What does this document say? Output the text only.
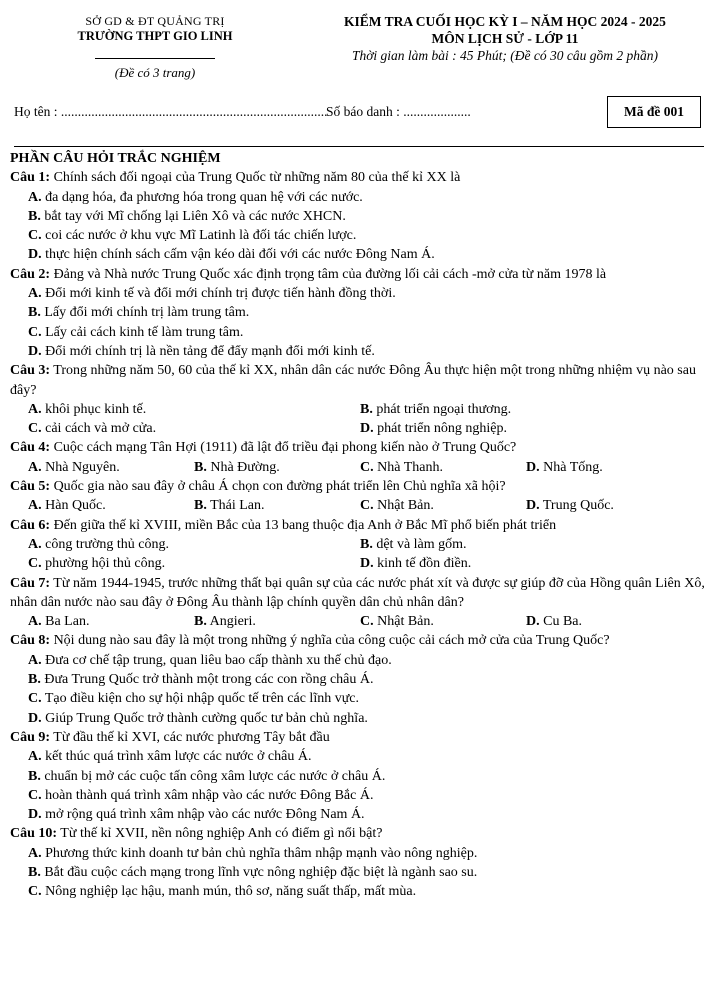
SỞ GD & ĐT QUẢNG TRỊ
TRƯỜNG THPT GIO LINH
(Đề có 3 trang)
KIỂM TRA CUỐI HỌC KỲ I – NĂM HỌC 2024 - 2025
MÔN LỊCH SỬ - LỚP 11
Thời gian làm bài : 45 Phút; (Đề có 30 câu gồm 2 phần)
Họ tên : ...............................................................................
Số báo danh : ....................	Mã đề 001
PHẦN CÂU HỎI TRẮC NGHIỆM
Câu 1: Chính sách đối ngoại của Trung Quốc từ những năm 80 của thế kỉ XX là
A. đa dạng hóa, đa phương hóa trong quan hệ với các nước.
B. bắt tay với Mĩ chống lại Liên Xô và các nước XHCN.
C. coi các nước ở khu vực Mĩ Latinh là đối tác chiến lược.
D. thực hiện chính sách cấm vận kéo dài đối với các nước Đông Nam Á.
Câu 2: Đảng và Nhà nước Trung Quốc xác định trọng tâm của đường lối cải cách -mở cửa từ năm 1978 là
A. Đổi mới kinh tế và đổi mới chính trị được tiến hành đồng thời.
B. Lấy đổi mới chính trị làm trung tâm.
C. Lấy cải cách kinh tế làm trung tâm.
D. Đổi mới chính trị là nền tảng để đẩy mạnh đổi mới kinh tế.
Câu 3: Trong những năm 50, 60 của thế kỉ XX, nhân dân các nước Đông Âu thực hiện một trong những nhiệm vụ nào sau đây?
A. khôi phục kinh tế.	B. phát triển ngoại thương.
C. cải cách và mở cửa.	D. phát triển nông nghiệp.
Câu 4: Cuộc cách mạng Tân Hợi (1911) đã lật đổ triều đại phong kiến nào ở Trung Quốc?
A. Nhà Nguyên.	B. Nhà Đường.	C. Nhà Thanh.	D. Nhà Tống.
Câu 5: Quốc gia nào sau đây ở châu Á chọn con đường phát triển lên Chủ nghĩa xã hội?
A. Hàn Quốc.	B. Thái Lan.	C. Nhật Bản.	D. Trung Quốc.
Câu 6: Đến giữa thế kỉ XVIII, miền Bắc của 13 bang thuộc địa Anh ở Bắc Mĩ phổ biến phát triển
A. công trường thủ công.	B. dệt và làm gốm.
C. phường hội thủ công.	D. kinh tế đồn điền.
Câu 7: Từ năm 1944-1945, trước những thất bại quân sự của các nước phát xít và được sự giúp đỡ của Hồng quân Liên Xô, nhân dân nước nào sau đây ở Đông Âu thành lập chính quyền dân chủ nhân dân?
A. Ba Lan.	B. Angieri.	C. Nhật Bản.	D. Cu Ba.
Câu 8: Nội dung nào sau đây là một trong những ý nghĩa của công cuộc cải cách mở cửa của Trung Quốc?
A. Đưa cơ chế tập trung, quan liêu bao cấp thành xu thế chủ đạo.
B. Đưa Trung Quốc trở thành một trong các con rồng châu Á.
C. Tạo điều kiện cho sự hội nhập quốc tế trên các lĩnh vực.
D. Giúp Trung Quốc trở thành cường quốc tư bản chủ nghĩa.
Câu 9: Từ đầu thế kỉ XVI, các nước phương Tây bắt đầu
A. kết thúc quá trình xâm lược các nước ở châu Á.
B. chuẩn bị mở các cuộc tấn công xâm lược các nước ở châu Á.
C. hoàn thành quá trình xâm nhập vào các nước Đông Bắc Á.
D. mở rộng quá trình xâm nhập vào các nước Đông Nam Á.
Câu 10: Từ thế kỉ XVII, nền nông nghiệp Anh có điểm gì nổi bật?
A. Phương thức kinh doanh tư bản chủ nghĩa thâm nhập mạnh vào nông nghiệp.
B. Bắt đầu cuộc cách mạng trong lĩnh vực nông nghiệp đặc biệt là ngành sao su.
C. Nông nghiệp lạc hậu, manh mún, thô sơ, năng suất thấp, mất mùa.
